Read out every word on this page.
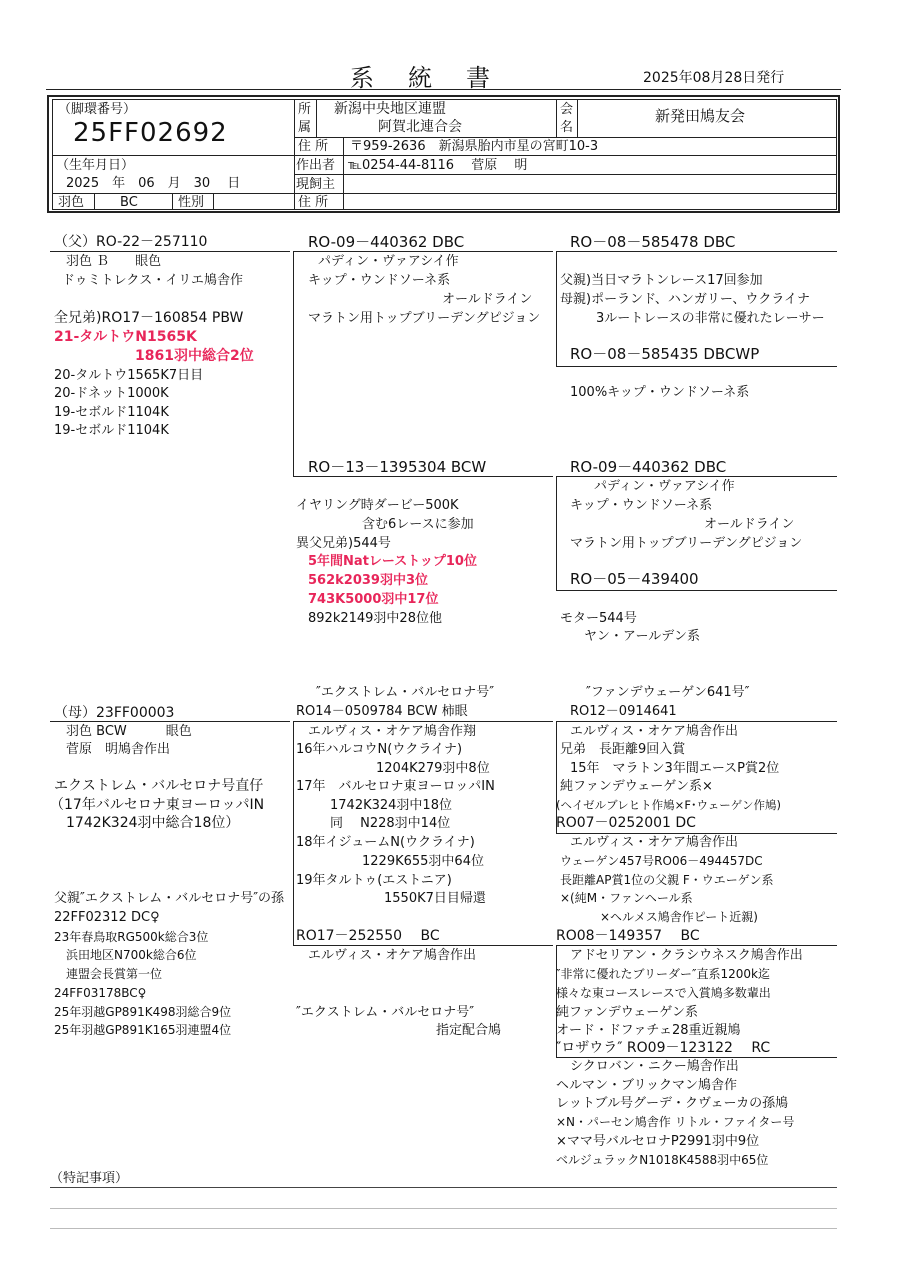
系統書	2025年08月28日発行
（脚環番号）
25FF02692
（生年月日）
2025　年　06　月　30　 日
羽色	BC	性別
所
属
新潟中央地区連盟
阿賀北連合会
会
名
新発田鳩友会
住 所 〒959-2636　新潟県胎内市星の宮町10-3
作出者 ℡0254-44-8116　 菅原　 明
現飼主
住 所
（父）RO-22－257110
羽色 Ｂ　　眼色
ドゥミトレクス・イリエ鳩舎作
全兄弟)RO17－160854 PBW
21-タルトウN1565K
1861羽中総合2位
20-タルトウ1565K7日目
20-ドネット1000K
19-セボルド1104K
19-セボルド1104K
RO-09－440362 DBC
パディン・ヴァアシイ作
キップ・ウンドソーネ系
オールドライン
マラトン用トップブリーデングピジョン
RO－08－585478 DBC
父親)当日マラトンレース17回参加
母親)ポーランド、ハンガリー、ウクライナ
3ルートレースの非常に優れたレーサー
RO－08－585435 DBCWP
100%キップ・ウンドソーネ系
RO－13－1395304 BCW
イヤリング時ダービー500K
含む6レースに参加
異父兄弟)544号
5年間Natレーストップ10位
562k2039羽中3位
743K5000羽中17位
892k2149羽中28位他
RO-09－440362 DBC
パディン・ヴァアシイ作
キップ・ウンドソーネ系
オールドライン
マラトン用トップブリーデングピジョン
RO－05－439400
モター544号
ヤン・アールデン系
（母）23FF00003
羽色 BCW　　　眼色
菅原　明鳩舎作出
エクストレム・バルセロナ号直仔
（17年バルセロナ東ヨーロッパIN
1742K324羽中総合18位）
父親″エクストレム・バルセロナ号″の孫
22FF02312 DC♀
23年春鳥取RG500k総合3位
浜田地区N700k総合6位
連盟会長賞第一位
24FF03178BC♀
25年羽越GP891K498羽総合9位
25年羽越GP891K165羽連盟4位
″エクストレム・バルセロナ号″
RO14－0509784 BCW 柿眼
エルヴィス・オケア鳩舎作翔
16年ハルコウN(ウクライナ)
1204K279羽中8位
17年　バルセロナ東ヨーロッパIN
1742K324羽中18位
同　 N228羽中14位
18年イジュームN(ウクライナ)
1229K655羽中64位
19年タルトゥ(エストニア)
1550K7日目帰還
″ファンデウェーゲン641号″
RO12－0914641
エルヴィス・オケア鳩舎作出
兄弟　長距離9回入賞
15年　マラトン3年間エースP賞2位
純ファンデウェーゲン系×
(ヘイゼルブレヒト作鳩×F･ウェーゲン作鳩)
RO07－0252001 DC
エルヴィス・オケア鳩舎作出
ウェーゲン457号RO06－494457DC
長距離AP賞1位の父親 F・ウエーゲン系
×(純M・ファンヘール系
×ヘルメス鳩舎作ピート近親)
RO17－252550　 BC
エルヴィス・オケア鳩舎作出
″エクストレム・バルセロナ号″
指定配合鳩
RO08－149357　 BC
アドセリアン・クラシウネスク鳩舎作出
″非常に優れたブリーダー″直系1200k迄
様々な東コースレースで入賞鳩多数輩出
純ファンデウェーゲン系
オード・ドファチェ28重近親鳩
″ロザウラ″ RO09－123122　 RC
シクロバン・ニクー鳩舎作出
ヘルマン・ブリックマン鳩舎作
レットブル号グーデ・クヴェーカの孫鳩
×N・パーセン鳩舎作 リトル・ファイター号
×ママ号バルセロナP2991羽中9位
ベルジュラックN1018K4588羽中65位
（特記事項）
